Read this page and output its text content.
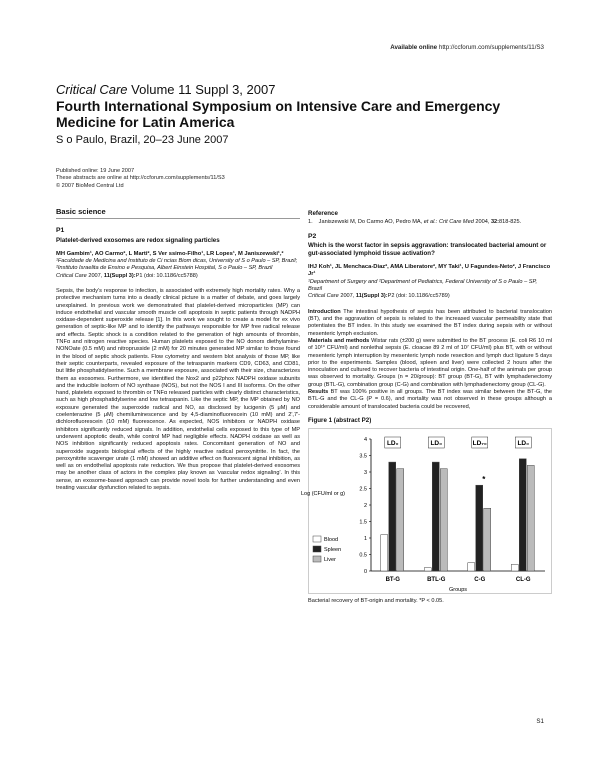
Available online http://ccforum.com/supplements/11/S3
Critical Care Volume 11 Suppl 3, 2007
Fourth International Symposium on Intensive Care and Emergency Medicine for Latin America
S o Paulo, Brazil, 20–23 June 2007
Published online: 19 June 2007
These abstracts are online at http://ccforum.com/supplements/11/S3
© 2007 BioMed Central Ltd
Basic science
P1
Platelet-derived exosomes are redox signaling particles
MH Gambim¹, AO Carmo², L Marti², S Ver ssimo-Filho¹, LR Lopes¹, M Janiszewski¹,²
¹Faculdade de Medicina and Instituto de Ci ncias Biom dicas, University of S o Paulo – SP, Brazil; ²Instituto Israelita de Ensino e Pesquisa, Albert Einstein Hospital, S o Paulo – SP, Brazil
Critical Care 2007, 11(Suppl 3):P1 (doi: 10.1186/cc5788)
Sepsis, the body's response to infection, is associated with extremely high mortality rates. Why a protective mechanism turns into a deadly clinical picture is a matter of debate, and goes largely unexplained. In previous work we demonstrated that platelet-derived microparticles (MP) can induce endothelial and vascular smooth muscle cell apoptosis in septic patients through NADPH oxidase-dependent superoxide release [1]. In this work we sought to create a model for ex vivo generation of septic-like MP and to identify the pathways responsible for MP free radical release and effects. Septic shock is a condition related to the generation of high amounts of thrombin, TNFα and nitrogen reactive species. Human platelets exposed to the NO donors diethylamine-NONOate (0.5 mM) and nitroprusside (2 mM) for 20 minutes generated MP similar to those found in the blood of septic shock patients. Flow cytometry and western blot analysis of those MP, like their septic counterparts, revealed exposure of the tetraspanin markers CD9, CD63, and CD81, but little phosphatidylserine. Such a membrane exposure, associated with their size, characterizes them as exosomes. Furthermore, we identified the Nox2 and p22phox NADPH oxidase subunits and the inducible isoform of NO synthase (NOS), but not the NOS I and III isoforms. On the other hand, platelets exposed to thrombin or TNFα released particles with clearly distinct characteristics, such as high phosphatidylserine and low tetraspanin. Like the septic MP, the MP obtained by NO exposure generated the superoxide radical and NO, as disclosed by lucigenin (5 μM) and coelenterazine (5 μM) chemiluminescence and by 4,5-diaminofluorescein (10 mM) and 2',7'-dichlorofluorescein (10 mM) fluorescence. As expected, NOS inhibitors or NADPH oxidase inhibitors significantly reduced signals. In addition, endothelial cells exposed to this type of MP underwent apoptotic death, while control MP had negligible effects. NADPH oxidase as well as NOS inhibition significantly reduced apoptosis rates. Concomitant generation of NO and superoxide suggests biological effects of the highly reactive radical peroxynitrite. In fact, the peroxynitrite scavenger urate (1 mM) showed an additive effect on fluorescent signal inhibition, as well as on endothelial apoptosis rate reduction. We thus propose that platelet-derived exosomes may be another class of actors in the complex play known as 'vascular redox signaling'. In this sense, an exosome-based approach can provide novel tools for further understanding and even treating vascular dysfunction related to sepsis.
Reference
1. Janiszewski M, Do Carmo AO, Pedro MA, et al.: Crit Care Med 2004, 32:818-825.
P2
Which is the worst factor in sepsis aggravation: translocated bacterial amount or gut-associated lymphoid tissue activation?
IHJ Koh¹, JL Menchaca-Diaz², AMA Liberatore², MY Taki¹, U Fagundes-Neto², J Francisco Jr¹
¹Department of Surgery and ²Department of Pediatrics, Federal University of S o Paulo – SP, Brazil
Critical Care 2007, 11(Suppl 3):P2 (doi: 10.1186/cc5789)
Introduction The intestinal hypothesis of sepsis has been attributed to bacterial translocation (BT), and the aggravation of sepsis is related to the increased vascular permeability state that potentiates the BT index. In this study we examined the BT index during sepsis with or without mesenteric lymph exclusion.
Materials and methods Wistar rats (±200 g) were submitted to the BT process (E. coli R6 10 ml of 10¹⁰ CFU/ml) and nonlethal sepsis (E. cloacae 89 2 ml of 10⁷ CFU/ml) plus BT, with or without mesenteric lymph interruption by mesenteric lymph node resection and lymph duct ligature 5 days prior to the experiments. Samples (blood, spleen and liver) were collected 2 hours after the innoculation and cultured to recover bacteria of intestinal origin. One-half of the animals per group was observed to mortality. Groups (n = 20/group): BT group (BT-G), BT with lymphadenectomy group (BTL-G), combination group (C-G) and combination with lymphadenectomy group (CL-G).
Results BT was 100% positive in all groups. The BT index was similar between the BT-G, the BTL-G and the CL-G (P = 0.6), and mortality was not observed in these groups although a considerable amount of translocated bacteria could be recovered,
Figure 1 (abstract P2)
0
0.5
1
1.5
2
2.5
3
3.5
4
Log (CFU/ml or g)
Groups
BT-G
LD₀
BTL-G
LD₀
C-G
LD₇₀
CL-G
LD₀
*
Blood
Spleen
Liver
Bacterial recovery of BT-origin and mortality. *P < 0.05.
S1
